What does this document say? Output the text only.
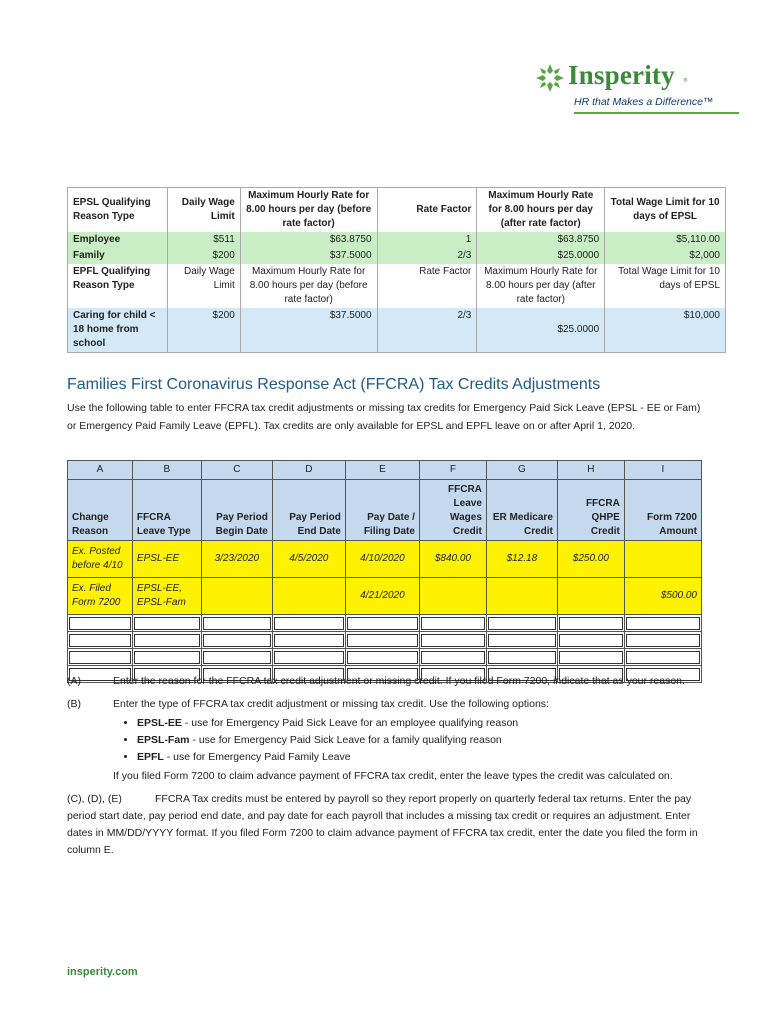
Insperity ®
HR that Makes a Difference™
EPSL Qualifying Reason Type	Daily Wage Limit	Maximum Hourly Rate for 8.00 hours per day (before rate factor)	Rate Factor	Maximum Hourly Rate for 8.00 hours per day (after rate factor)	Total Wage Limit for 10 days of EPSL
Employee	$511	$63.8750	1	$63.8750	$5,110.00
Family	$200	$37.5000	2/3	$25.0000	$2,000
EPFL Qualifying Reason Type	Daily Wage Limit	Maximum Hourly Rate for 8.00 hours per day (before rate factor)	Rate Factor	Maximum Hourly Rate for 8.00 hours per day (after rate factor)	Total Wage Limit for 10 days of EPSL
Caring for child < 18 home from school	$200	$37.5000	2/3	$25.0000	$10,000
Families First Coronavirus Response Act (FFCRA) Tax Credits Adjustments

Use the following table to enter FFCRA tax credit adjustments or missing tax credits for Emergency Paid Sick Leave (EPSL - EE or Fam) or Emergency Paid Family Leave (EPFL). Tax credits are only available for EPSL and EPFL leave on or after April 1, 2020.

A	B	C	D	E	F	G	H	I
Change Reason	FFCRA Leave Type	Pay Period Begin Date	Pay Period End Date	Pay Date / Filing Date	FFCRA Leave Wages Credit	ER Medicare Credit	FFCRA QHPE Credit	Form 7200 Amount
Ex. Posted before 4/10	EPSL-EE	3/23/2020	4/5/2020	4/10/2020	$840.00	$12.18	$250.00	
Ex. Filed Form 7200	EPSL-EE, EPSL-Fam			4/21/2020				$500.00

(A)	Enter the reason for the FFCRA tax credit adjustment or missing credit. If you filed Form 7200, indicate that as your reason.
(B)	Enter the type of FFCRA tax credit adjustment or missing tax credit. Use the following options:
• EPSL-EE - use for Emergency Paid Sick Leave for an employee qualifying reason
• EPSL-Fam - use for Emergency Paid Sick Leave for a family qualifying reason
• EPFL - use for Emergency Paid Family Leave

If you filed Form 7200 to claim advance payment of FFCRA tax credit, enter the leave types the credit was calculated on.

(C), (D), (E)	FFCRA Tax credits must be entered by payroll so they report properly on quarterly federal tax returns. Enter the pay period start date, pay period end date, and pay date for each payroll that includes a missing tax credit or requires an adjustment. Enter dates in MM/DD/YYYY format. If you filed Form 7200 to claim advance payment of FFCRA tax credit, enter the date you filed the form in column E.

insperity.com
